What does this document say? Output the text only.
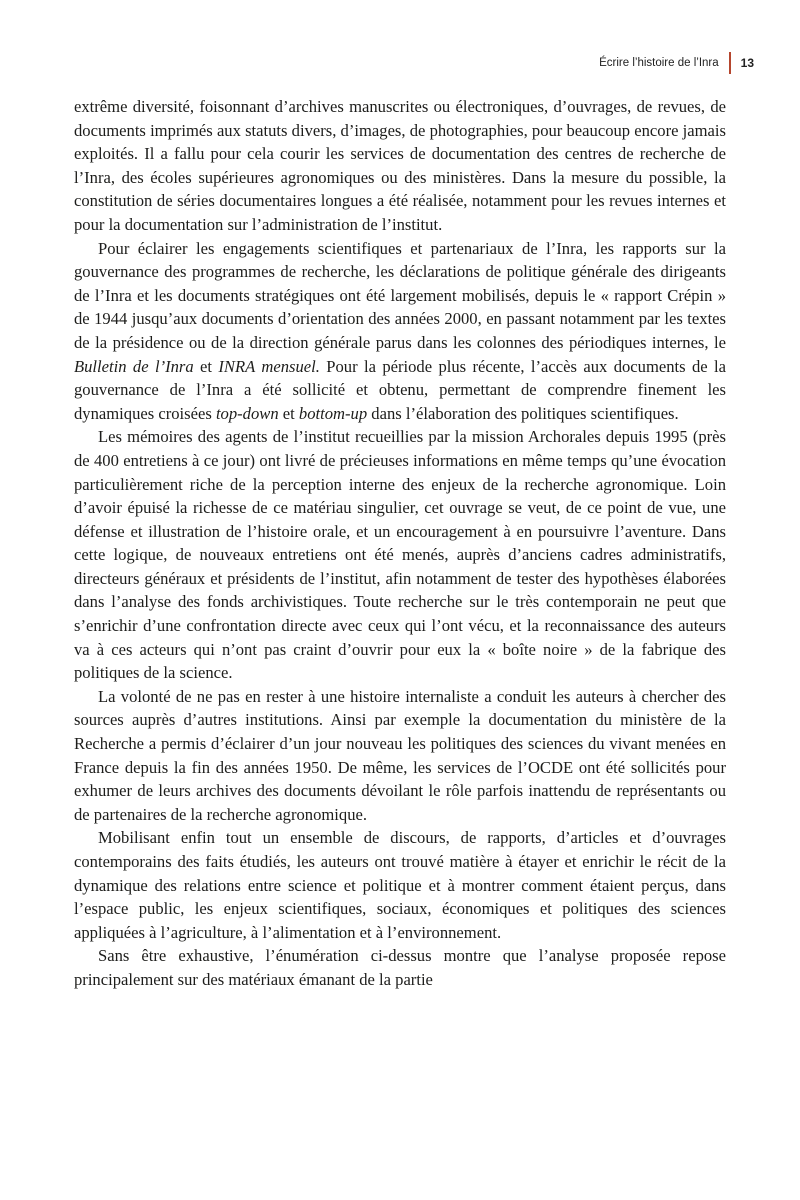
Écrire l’histoire de l’Inra 13

extrême diversité, foisonnant d’archives manuscrites ou électroniques, d’ouvrages, de revues, de documents imprimés aux statuts divers, d’images, de photographies, pour beaucoup encore jamais exploités. Il a fallu pour cela courir les services de documentation des centres de recherche de l’Inra, des écoles supérieures agronomiques ou des ministères. Dans la mesure du possible, la constitution de séries documentaires longues a été réalisée, notamment pour les revues internes et pour la documentation sur l’administration de l’institut.

Pour éclairer les engagements scientifiques et partenariaux de l’Inra, les rapports sur la gouvernance des programmes de recherche, les déclarations de politique générale des dirigeants de l’Inra et les documents stratégiques ont été largement mobilisés, depuis le « rapport Crépin » de 1944 jusqu’aux documents d’orientation des années 2000, en passant notamment par les textes de la présidence ou de la direction générale parus dans les colonnes des périodiques internes, le Bulletin de l’Inra et INRA mensuel. Pour la période plus récente, l’accès aux documents de la gouvernance de l’Inra a été sollicité et obtenu, permettant de comprendre finement les dynamiques croisées top-down et bottom-up dans l’élaboration des politiques scientifiques.

Les mémoires des agents de l’institut recueillies par la mission Archorales depuis 1995 (près de 400 entretiens à ce jour) ont livré de précieuses informations en même temps qu’une évocation particulièrement riche de la perception interne des enjeux de la recherche agronomique. Loin d’avoir épuisé la richesse de ce matériau singulier, cet ouvrage se veut, de ce point de vue, une défense et illustration de l’histoire orale, et un encouragement à en poursuivre l’aventure. Dans cette logique, de nouveaux entretiens ont été menés, auprès d’anciens cadres administratifs, directeurs généraux et présidents de l’institut, afin notamment de tester des hypothèses élaborées dans l’analyse des fonds archivistiques. Toute recherche sur le très contemporain ne peut que s’enrichir d’une confrontation directe avec ceux qui l’ont vécu, et la reconnaissance des auteurs va à ces acteurs qui n’ont pas craint d’ouvrir pour eux la « boîte noire » de la fabrique des politiques de la science.

La volonté de ne pas en rester à une histoire internaliste a conduit les auteurs à chercher des sources auprès d’autres institutions. Ainsi par exemple la documentation du ministère de la Recherche a permis d’éclairer d’un jour nouveau les politiques des sciences du vivant menées en France depuis la fin des années 1950. De même, les services de l’OCDE ont été sollicités pour exhumer de leurs archives des documents dévoilant le rôle parfois inattendu de représentants ou de partenaires de la recherche agronomique.

Mobilisant enfin tout un ensemble de discours, de rapports, d’articles et d’ouvrages contemporains des faits étudiés, les auteurs ont trouvé matière à étayer et enrichir le récit de la dynamique des relations entre science et politique et à montrer comment étaient perçus, dans l’espace public, les enjeux scientifiques, sociaux, économiques et politiques des sciences appliquées à l’agriculture, à l’alimentation et à l’environnement.

Sans être exhaustive, l’énumération ci-dessus montre que l’analyse proposée repose principalement sur des matériaux émanant de la partie
